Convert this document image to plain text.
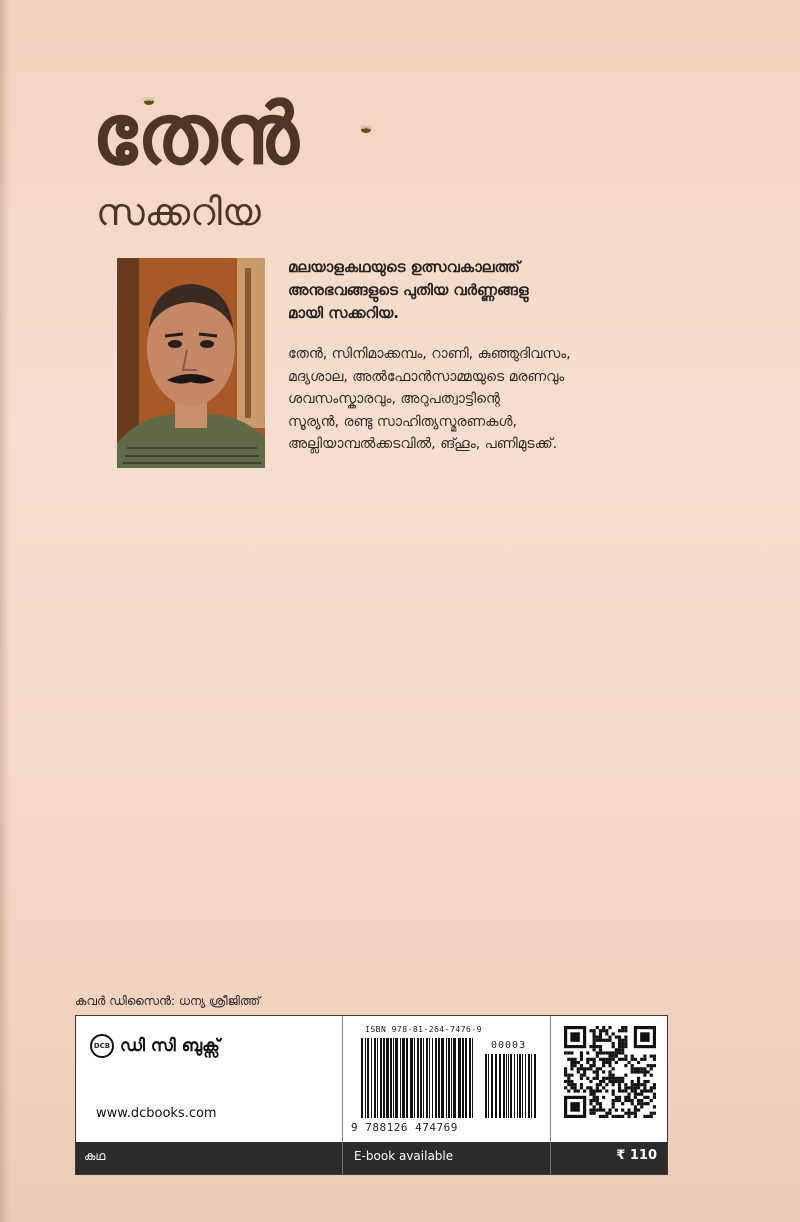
തേൻ
സക്കറിയ
മലയാളകഥയുടെ ഉത്സവകാലത്ത്
അനുഭവങ്ങളുടെ പുതിയ വർണ്ണങ്ങളു
മായി സക്കറിയ.
തേൻ, സിനിമാക്കമ്പം, റാണി, കുഞ്ഞുദിവസം,
മദ്യശാല, അൽഫോൻസാമ്മയുടെ മരണവും
ശവസംസ്കാരവും, അറുപത്വാട്ടിന്റെ
സൂര്യൻ, രണ്ടു സാഹിത്യസ്മരണകൾ,
അല്ലിയാമ്പൽക്കടവിൽ, ങ്ഹൂം, പണിമുടക്ക്.
കവർ ഡിസൈൻ: ധന്യ ശ്രീജിത്ത്
DCB ഡി സി ബുക്സ്
www.dcbooks.com
ISBN 978-81-264-7476-9
00003
9 788126 474769
കഥ	E-book available	₹ 110
